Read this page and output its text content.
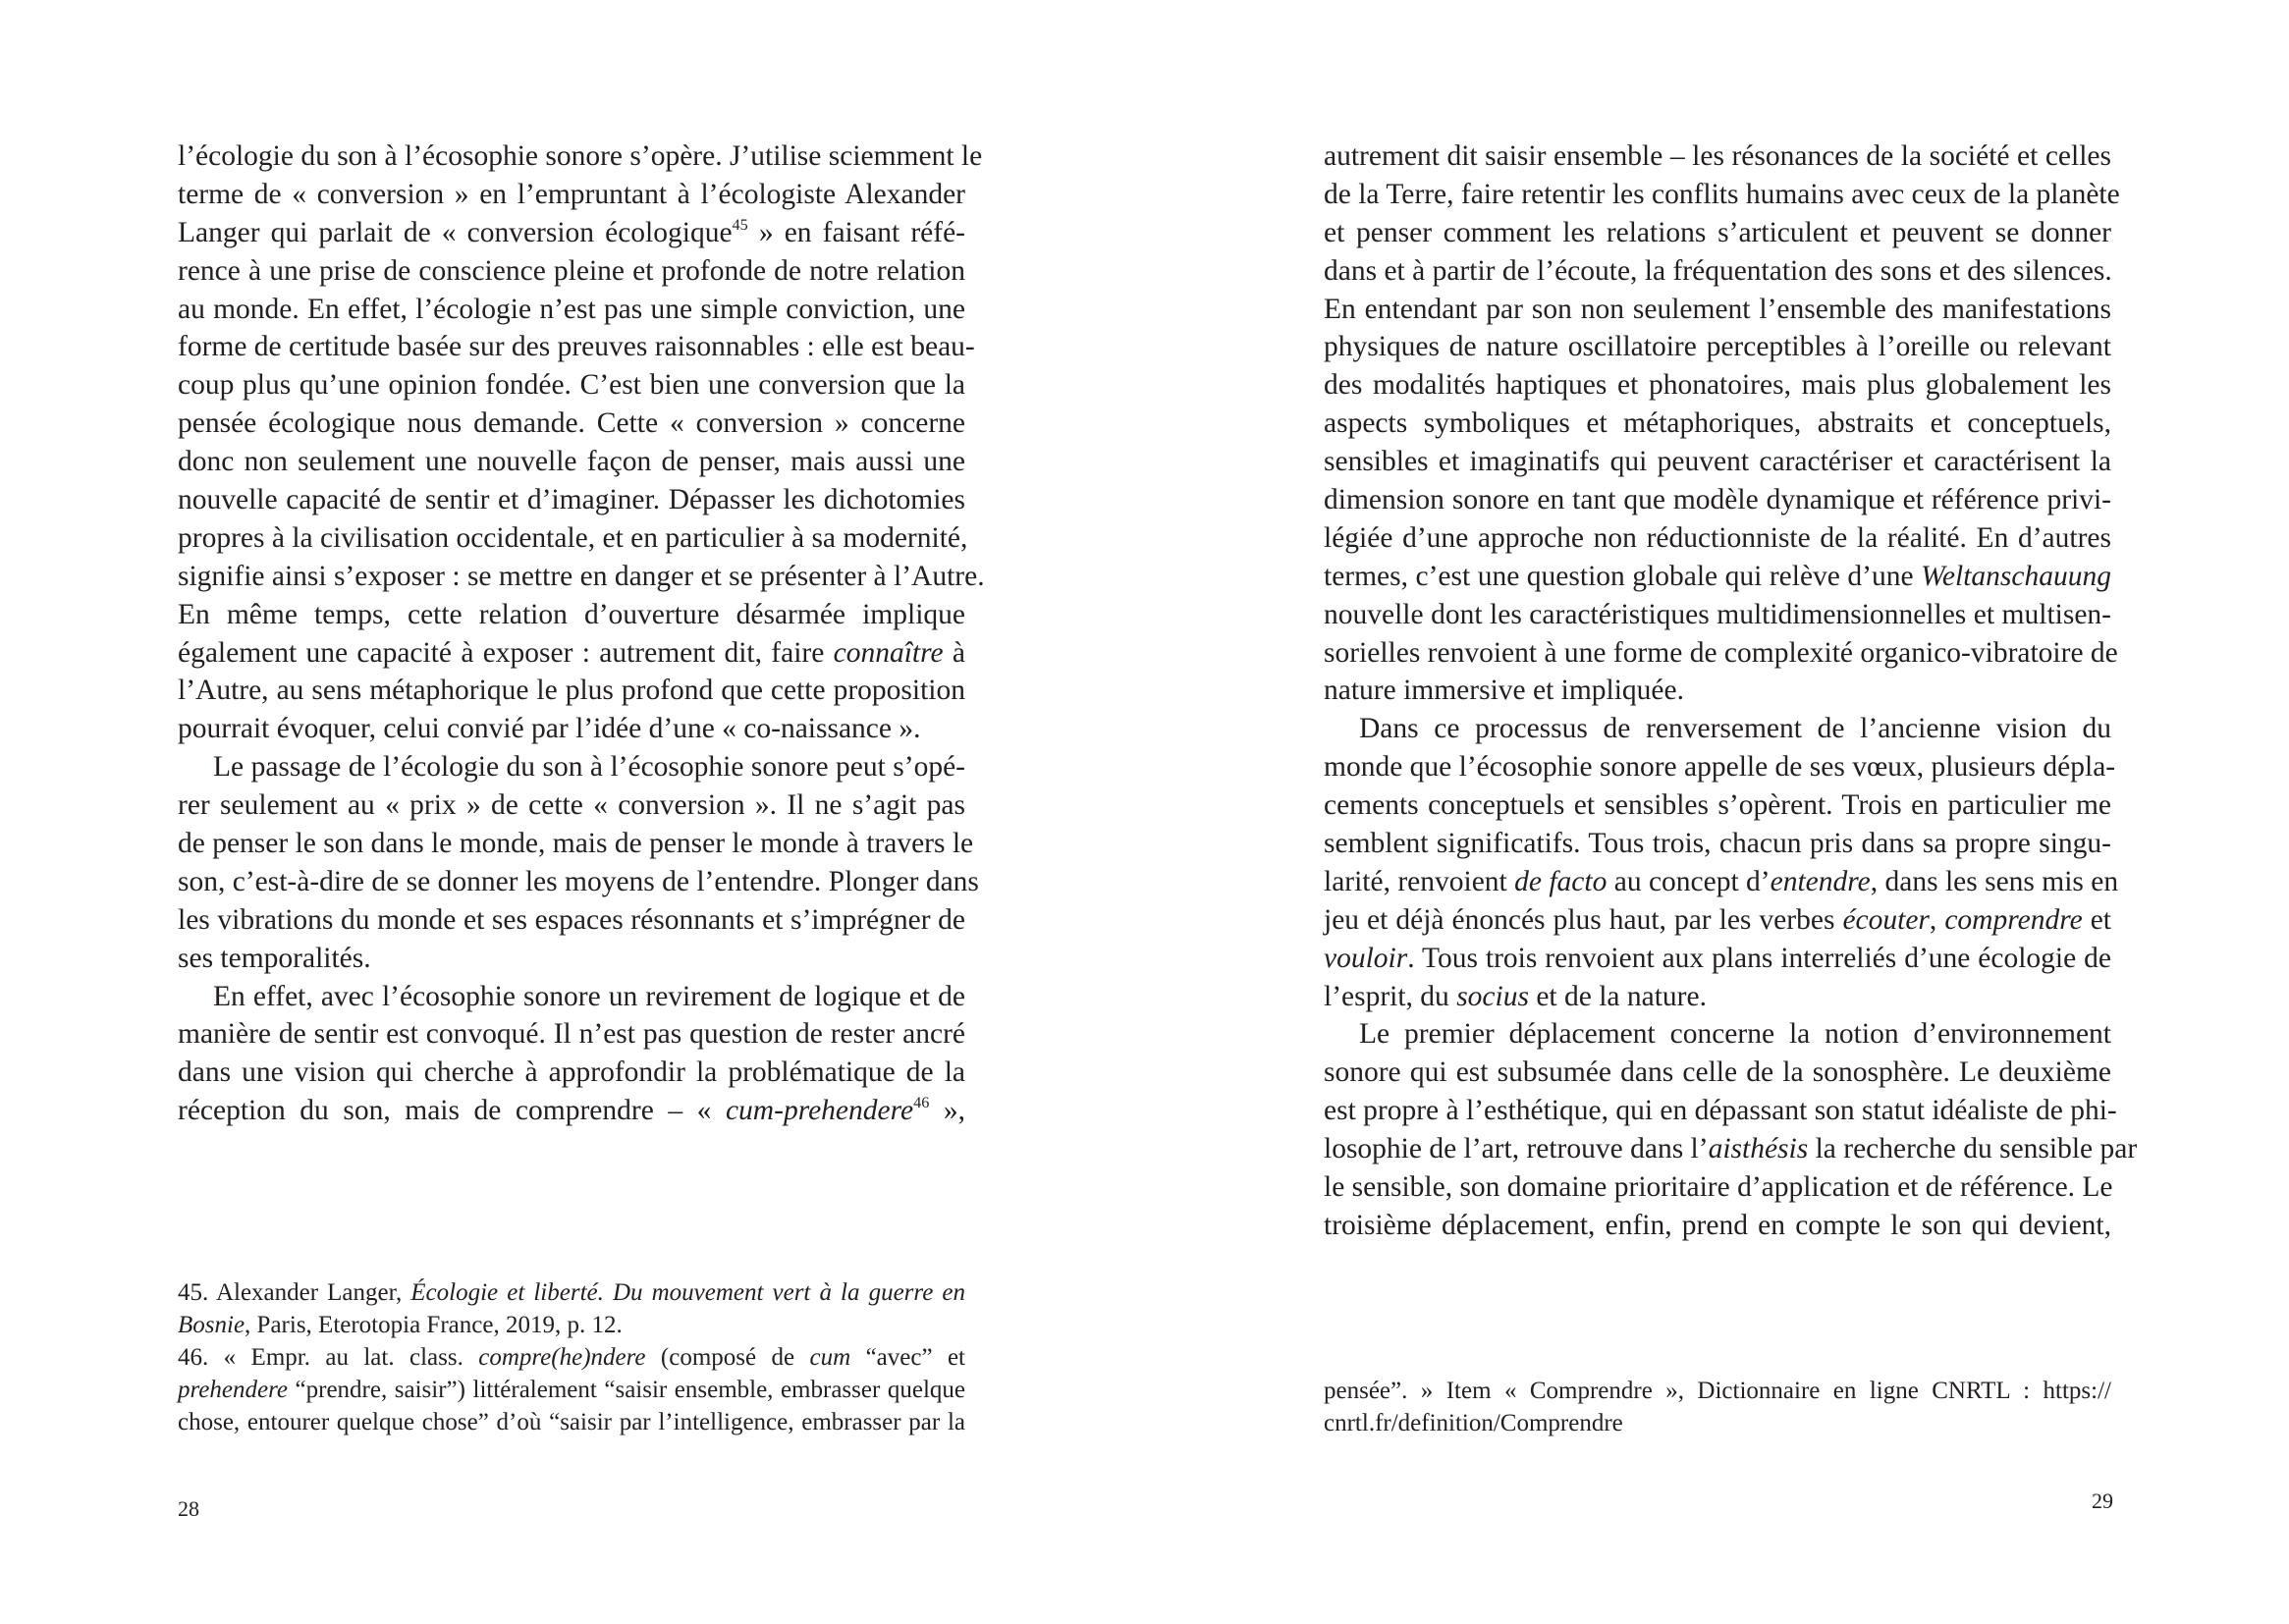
l’écologie du son à l’écosophie sonore s’opère. J’utilise sciemment le
terme de « conversion » en l’empruntant à l’écologiste Alexander
Langer qui parlait de « conversion écologique$^{45}$ » en faisant réfé-
rence à une prise de conscience pleine et profonde de notre relation
au monde. En effet, l’écologie n’est pas une simple conviction, une
forme de certitude basée sur des preuves raisonnables : elle est beau-
coup plus qu’une opinion fondée. C’est bien une conversion que la
pensée écologique nous demande. Cette « conversion » concerne
donc non seulement une nouvelle façon de penser, mais aussi une
nouvelle capacité de sentir et d’imaginer. Dépasser les dichotomies
propres à la civilisation occidentale, et en particulier à sa modernité,
signifie ainsi s’exposer : se mettre en danger et se présenter à l’Autre.
En même temps, cette relation d’ouverture désarmée implique
également une capacité à exposer : autrement dit, faire connaître à
l’Autre, au sens métaphorique le plus profond que cette proposition
pourrait évoquer, celui convié par l’idée d’une « co-naissance ».
Le passage de l’écologie du son à l’écosophie sonore peut s’opé-
rer seulement au « prix » de cette « conversion ». Il ne s’agit pas
de penser le son dans le monde, mais de penser le monde à travers le
son, c’est-à-dire de se donner les moyens de l’entendre. Plonger dans
les vibrations du monde et ses espaces résonnants et s’imprégner de
ses temporalités.
En effet, avec l’écosophie sonore un revirement de logique et de
manière de sentir est convoqué. Il n’est pas question de rester ancré
dans une vision qui cherche à approfondir la problématique de la
réception du son, mais de comprendre – « cum-prehendere$^{46}$ »,
45. Alexander Langer, Écologie et liberté. Du mouvement vert à la guerre en
Bosnie, Paris, Eterotopia France, 2019, p. 12.
46. « Empr. au lat. class. compre(he)ndere (composé de cum “avec” et
prehendere “prendre, saisir”) littéralement “saisir ensemble, embrasser quelque
chose, entourer quelque chose” d’où “saisir par l’intelligence, embrasser par la
28
autrement dit saisir ensemble – les résonances de la société et celles
de la Terre, faire retentir les conflits humains avec ceux de la planète
et penser comment les relations s’articulent et peuvent se donner
dans et à partir de l’écoute, la fréquentation des sons et des silences.
En entendant par son non seulement l’ensemble des manifestations
physiques de nature oscillatoire perceptibles à l’oreille ou relevant
des modalités haptiques et phonatoires, mais plus globalement les
aspects symboliques et métaphoriques, abstraits et conceptuels,
sensibles et imaginatifs qui peuvent caractériser et caractérisent la
dimension sonore en tant que modèle dynamique et référence privi-
légiée d’une approche non réductionniste de la réalité. En d’autres
termes, c’est une question globale qui relève d’une Weltanschauung
nouvelle dont les caractéristiques multidimensionnelles et multisen-
sorielles renvoient à une forme de complexité organico-vibratoire de
nature immersive et impliquée.
Dans ce processus de renversement de l’ancienne vision du
monde que l’écosophie sonore appelle de ses vœux, plusieurs dépla-
cements conceptuels et sensibles s’opèrent. Trois en particulier me
semblent significatifs. Tous trois, chacun pris dans sa propre singu-
larité, renvoient de facto au concept d’entendre, dans les sens mis en
jeu et déjà énoncés plus haut, par les verbes écouter, comprendre et
vouloir. Tous trois renvoient aux plans interreliés d’une écologie de
l’esprit, du socius et de la nature.
Le premier déplacement concerne la notion d’environnement
sonore qui est subsumée dans celle de la sonosphère. Le deuxième
est propre à l’esthétique, qui en dépassant son statut idéaliste de phi-
losophie de l’art, retrouve dans l’aisthésis la recherche du sensible par
le sensible, son domaine prioritaire d’application et de référence. Le
troisième déplacement, enfin, prend en compte le son qui devient,
pensée”. » Item « Comprendre », Dictionnaire en ligne CNRTL : https://
cnrtl.fr/definition/Comprendre
29
